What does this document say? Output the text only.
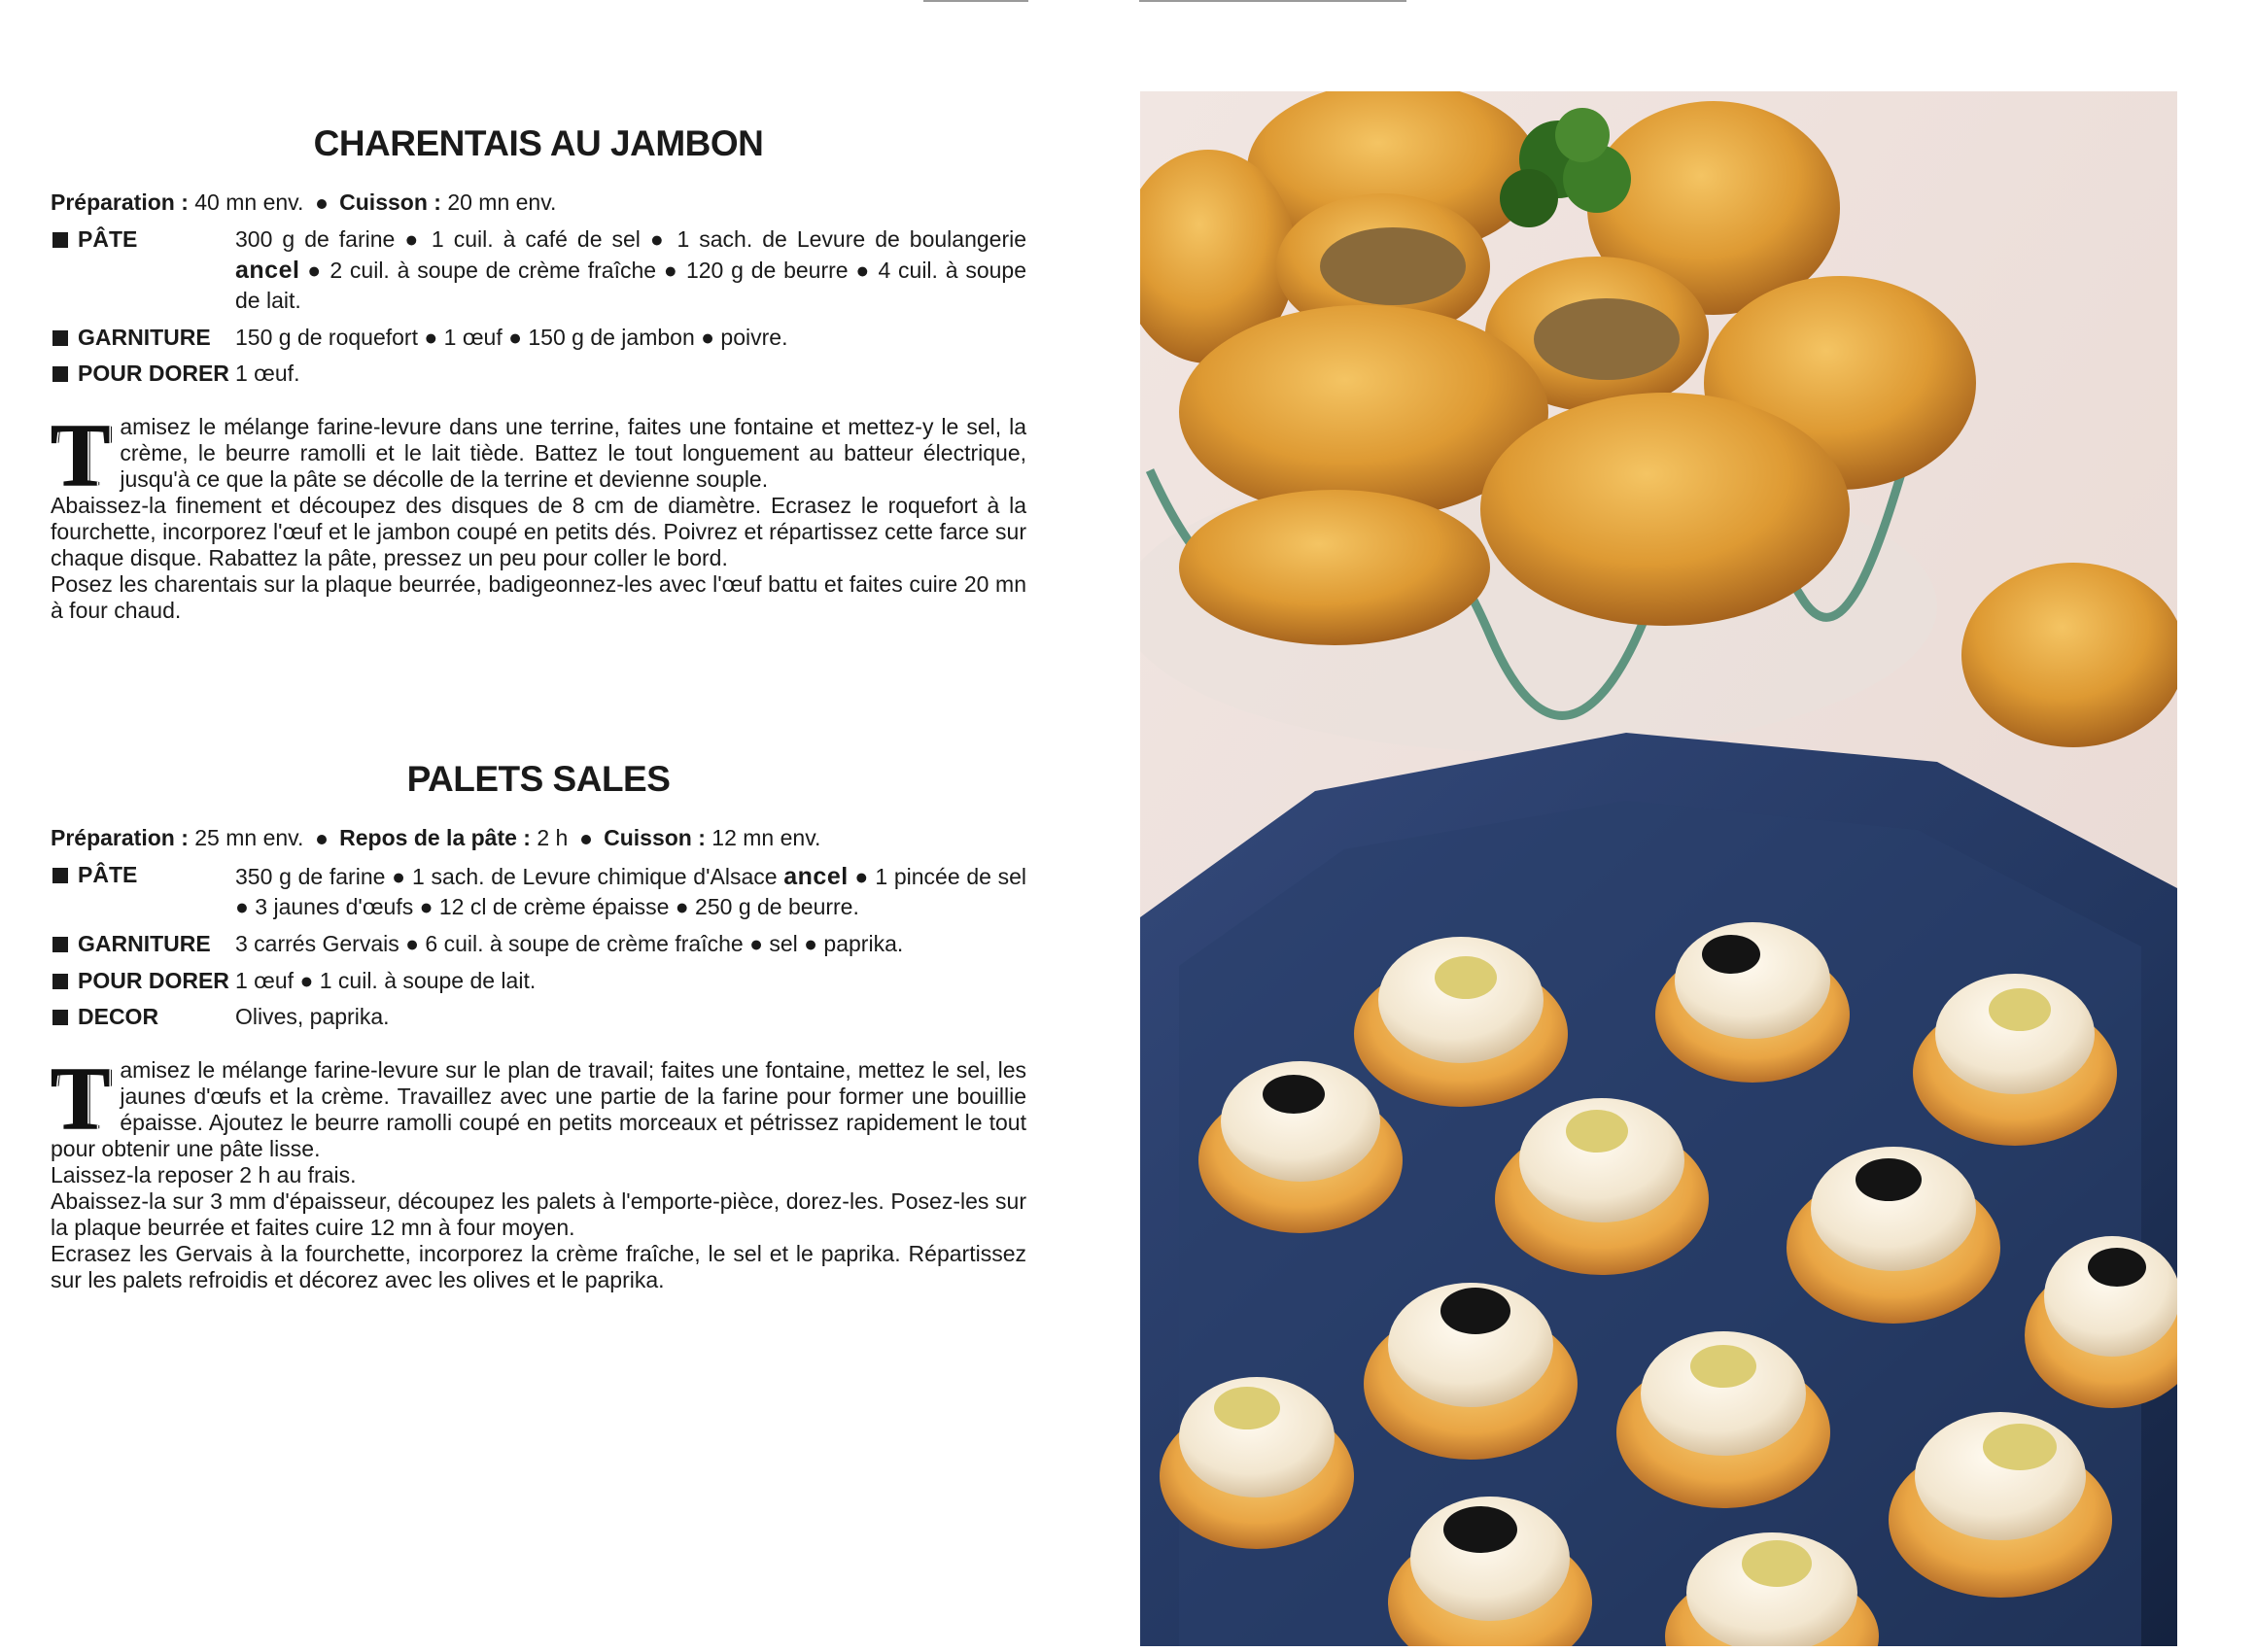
CHARENTAIS AU JAMBON
Préparation : 40 mn env. Cuisson : 20 mn env.
PÂTE	300 g de farine ● 1 cuil. à café de sel ● 1 sach. de Levure de boulangerie ancel ● 2 cuil. à soupe de crème fraîche ● 120 g de beurre ● 4 cuil. à soupe de lait.
GARNITURE 150 g de roquefort ● 1 œuf ● 150 g de jambon ● poivre.
POUR DORER 1 œuf.
T amisez le mélange farine-levure dans une terrine, faites une fontaine et mettez-y le sel, la crème, le beurre ramolli et le lait tiède. Battez le tout longuement au batteur électrique, jusqu'à ce que la pâte se décolle de la terrine et devienne souple.

Abaissez-la finement et découpez des disques de 8 cm de diamètre. Ecrasez le roquefort à la fourchette, incorporez l'œuf et le jambon coupé en petits dés. Poivrez et répartissez cette farce sur chaque disque. Rabattez la pâte, pressez un peu pour coller le bord.

Posez les charentais sur la plaque beurrée, badigeonnez-les avec l'œuf battu et faites cuire 20 mn à four chaud.

PALETS SALES
Préparation : 25 mn env. Repos de la pâte : 2 h Cuisson : 12 mn env.
PÂTE	350 g de farine ● 1 sach. de Levure chimique d'Alsace ancel ● 1 pincée de sel ● 3 jaunes d'œufs ● 12 cl de crème épaisse ● 250 g de beurre.
GARNITURE 3 carrés Gervais ● 6 cuil. à soupe de crème fraîche ● sel ● paprika.
POUR DORER 1 œuf ● 1 cuil. à soupe de lait.
DECOR	Olives, paprika.
T amisez le mélange farine-levure sur le plan de travail; faites une fontaine, mettez le sel, les jaunes d'œufs et la crème. Travaillez avec une partie de la farine pour former une bouillie épaisse. Ajoutez le beurre ramolli coupé en petits morceaux et pétrissez rapidement le tout pour obtenir une pâte lisse.

Laissez-la reposer 2 h au frais.

Abaissez-la sur 3 mm d'épaisseur, découpez les palets à l'emporte-pièce, dorez-les. Posez-les sur la plaque beurrée et faites cuire 12 mn à four moyen.

Ecrasez les Gervais à la fourchette, incorporez la crème fraîche, le sel et le paprika. Répartissez sur les palets refroidis et décorez avec les olives et le paprika.
